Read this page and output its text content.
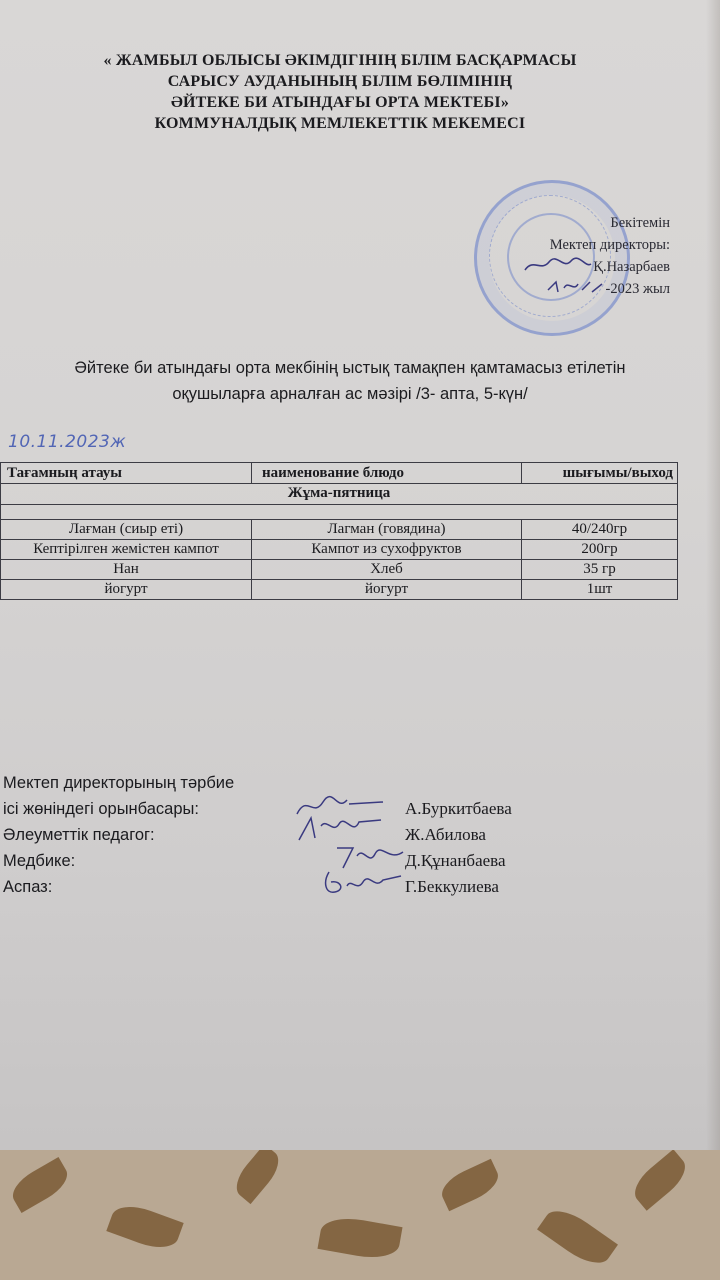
« ЖАМБЫЛ ОБЛЫСЫ ӘКІМДІГІНІҢ БІЛІМ БАСҚАРМАСЫ
САРЫСУ АУДАНЫНЫҢ БІЛІМ БӨЛІМІНІҢ
ӘЙТЕКЕ БИ АТЫНДАҒЫ ОРТА МЕКТЕБІ»
КОММУНАЛДЫҚ МЕМЛЕКЕТТІК МЕКЕМЕСІ
Бекітемін
Мектеп директоры:
Қ.Назарбаев
-2023 жыл
Әйтеке би атындағы орта мекбінің ыстық тамақпен қамтамасыз етілетін
оқушыларға арналған ас мәзірі /3- апта, 5-күн/
10.11.2023ж
Тағамның атауы	наименование блюдо	шығымы/выход
Жұма-пятница		

Лағман (сиыр еті)	Лагман (говядина)	40/240гр
Кептірілген жемістен кампот	Кампот из сухофруктов	200гр
Нан	Хлеб	35 гр
йогурт	йогурт	1шт
Мектеп директорының тәрбие
ісі жөніндегі орынбасары:	А.Буркитбаева
Әлеуметтік педагог:	Ж.Абилова
Медбике:	Д.Құнанбаева
Аспаз:	Г.Беккулиева
